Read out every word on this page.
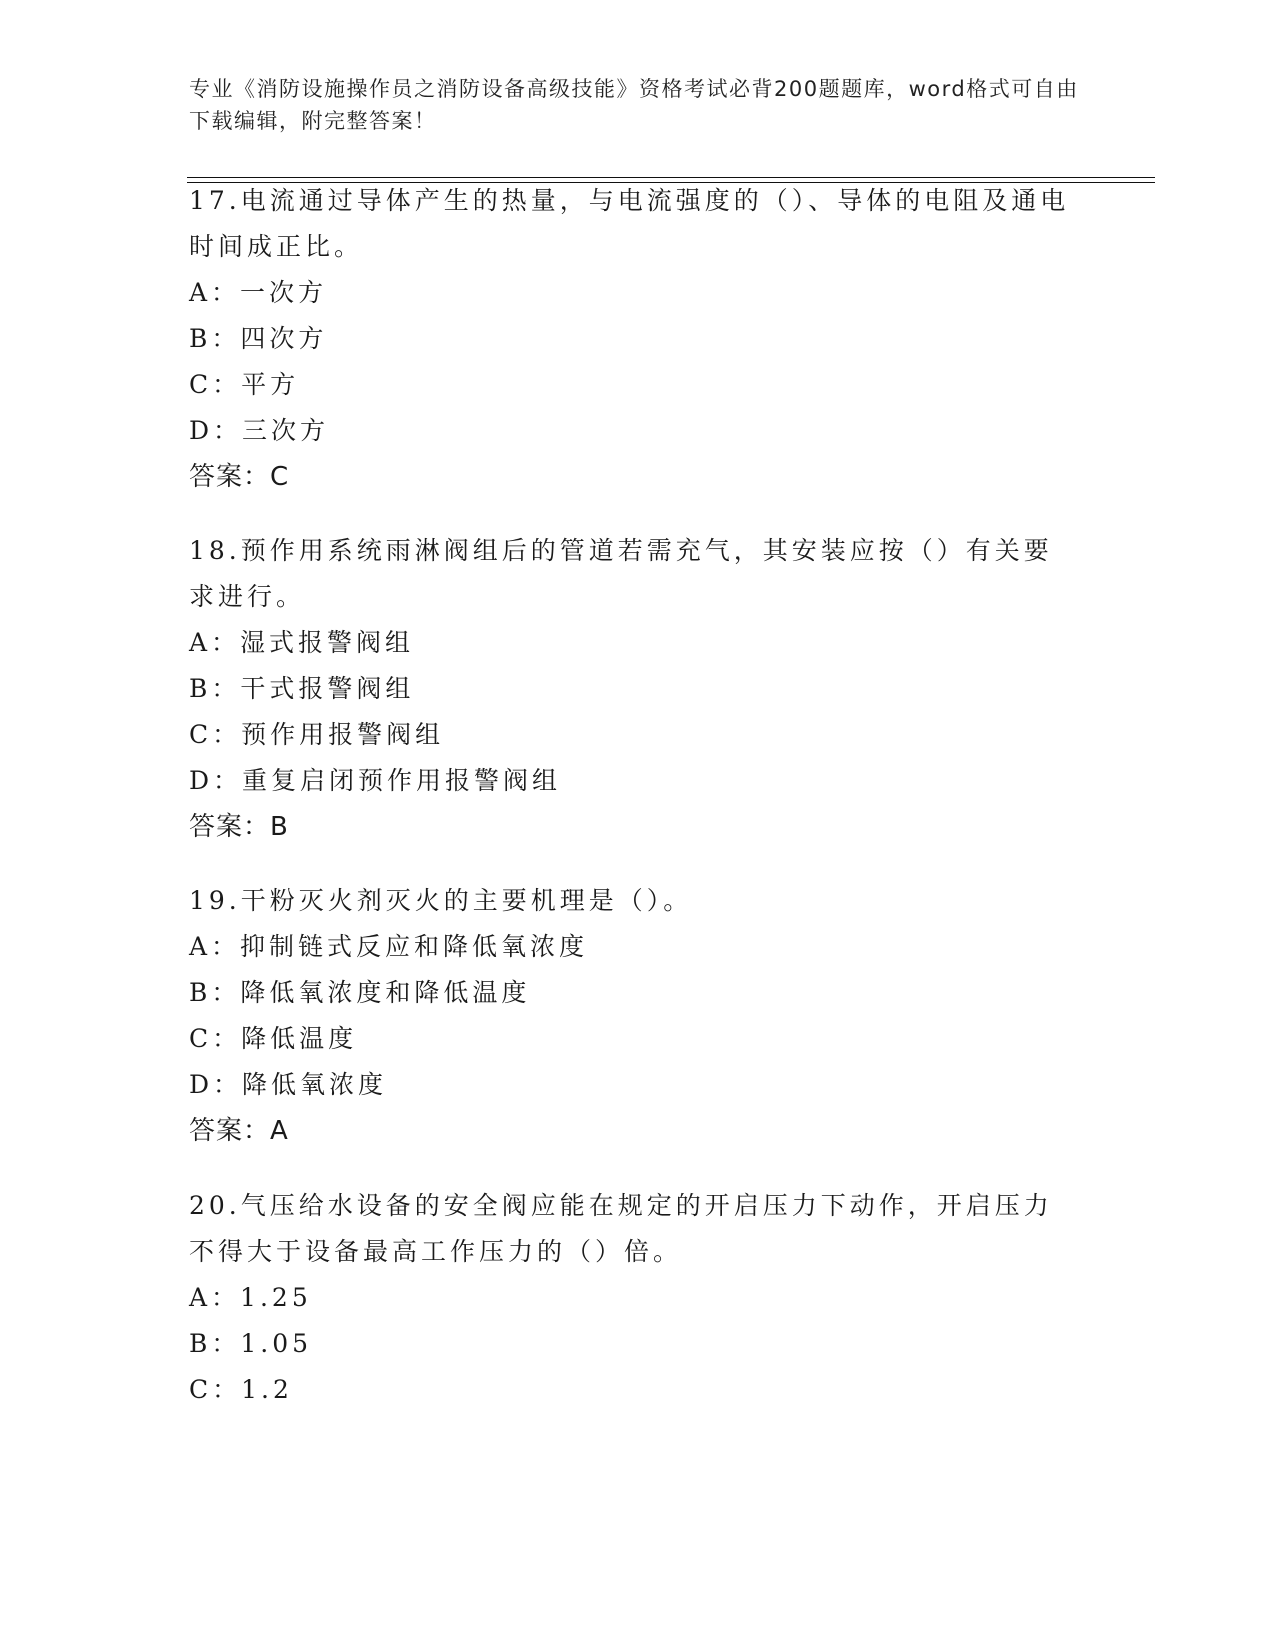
专业《消防设施操作员之消防设备高级技能》资格考试必背200题题库，word格式可自由下载编辑，附完整答案！
17.电流通过导体产生的热量，与电流强度的（）、导体的电阻及通电时间成正比。
A：一次方
B：四次方
C：平方
D：三次方
答案：C
18.预作用系统雨淋阀组后的管道若需充气，其安装应按（）有关要求进行。
A：湿式报警阀组
B：干式报警阀组
C：预作用报警阀组
D：重复启闭预作用报警阀组
答案：B
19.干粉灭火剂灭火的主要机理是（）。
A：抑制链式反应和降低氧浓度
B：降低氧浓度和降低温度
C：降低温度
D：降低氧浓度
答案：A
20.气压给水设备的安全阀应能在规定的开启压力下动作，开启压力不得大于设备最高工作压力的（）倍。
A：1.25
B：1.05
C：1.2
